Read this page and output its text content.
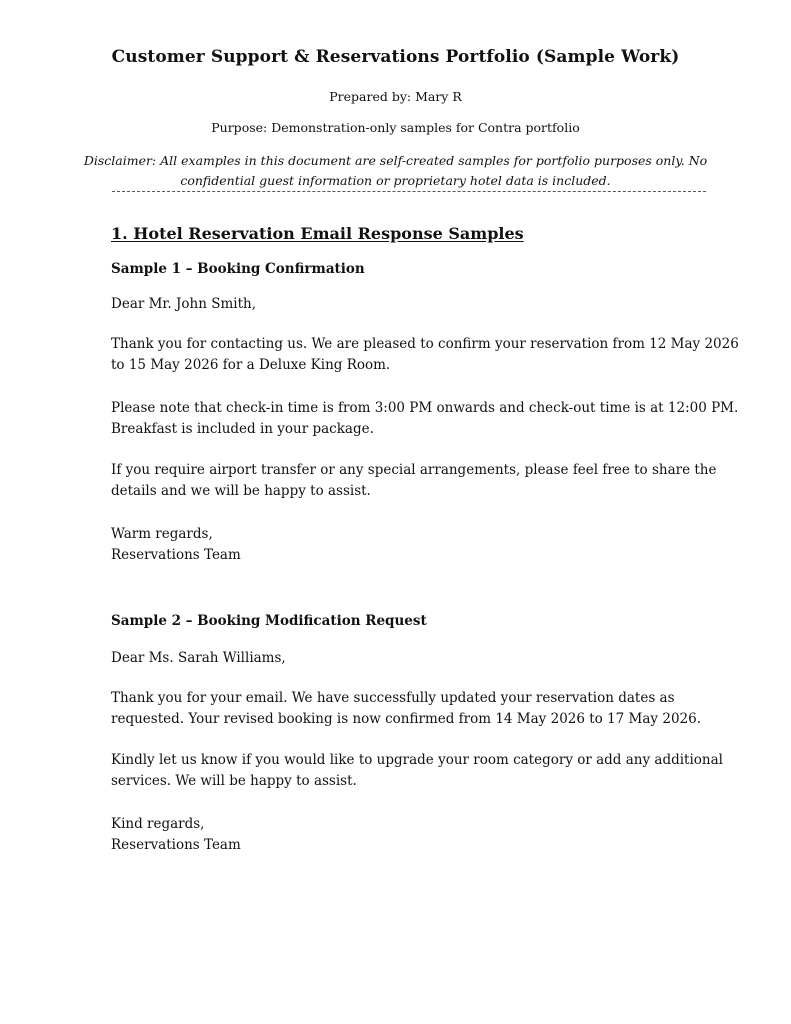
Customer Support & Reservations Portfolio (Sample Work)

Prepared by: Mary R

Purpose: Demonstration-only samples for Contra portfolio

Disclaimer: All examples in this document are self-created samples for portfolio purposes only. No
confidential guest information or proprietary hotel data is included.
1. Hotel Reservation Email Response Samples
Sample 1 – Booking Confirmation

Dear Mr. John Smith,

Thank you for contacting us. We are pleased to confirm your reservation from 12 May 2026
to 15 May 2026 for a Deluxe King Room.

Please note that check-in time is from 3:00 PM onwards and check-out time is at 12:00 PM.
Breakfast is included in your package.

If you require airport transfer or any special arrangements, please feel free to share the
details and we will be happy to assist.

Warm regards,
Reservations Team

Sample 2 – Booking Modification Request

Dear Ms. Sarah Williams,

Thank you for your email. We have successfully updated your reservation dates as
requested. Your revised booking is now confirmed from 14 May 2026 to 17 May 2026.

Kindly let us know if you would like to upgrade your room category or add any additional
services. We will be happy to assist.

Kind regards,
Reservations Team
